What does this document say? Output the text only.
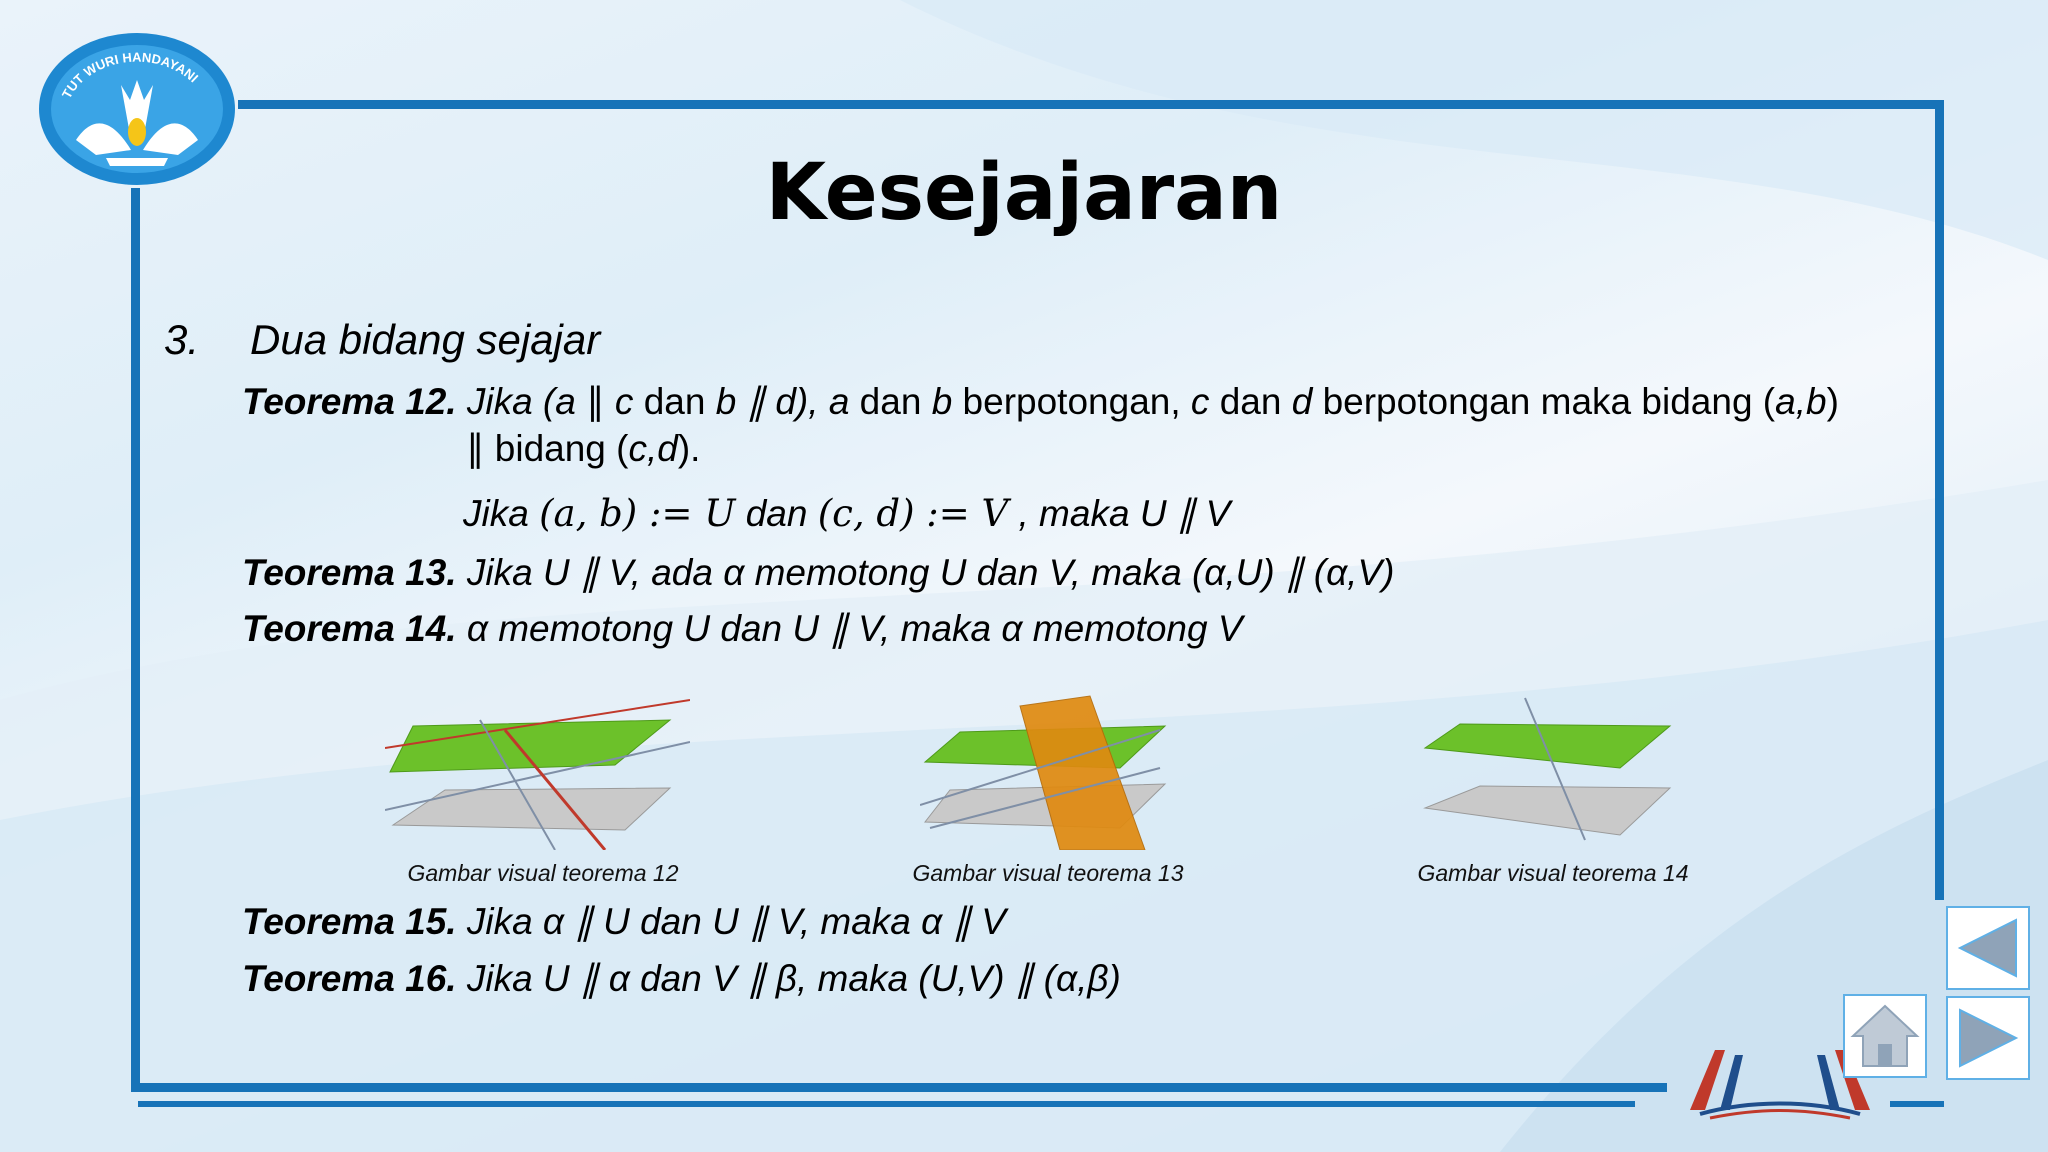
TUT WURI HANDAYANI
Kesejajaran
3. Dua bidang sejajar
Teorema 12. Jika (a ∥ c dan b ∥ d), a dan b berpotongan, c dan d berpotongan maka bidang (a,b)
∥ bidang (c,d).
Jika (a, b) := U dan (c, d) := V , maka U ∥ V
Teorema 13. Jika U ∥ V, ada α memotong U dan V, maka (α,U) ∥ (α,V)
Teorema 14. α memotong U dan U ∥ V, maka α memotong V
Gambar visual teorema 12	Gambar visual teorema 13	Gambar visual teorema 14
Teorema 15. Jika α ∥ U dan U ∥ V, maka α ∥ V
Teorema 16. Jika U ∥ α dan V ∥ β, maka (U,V) ∥ (α,β)
